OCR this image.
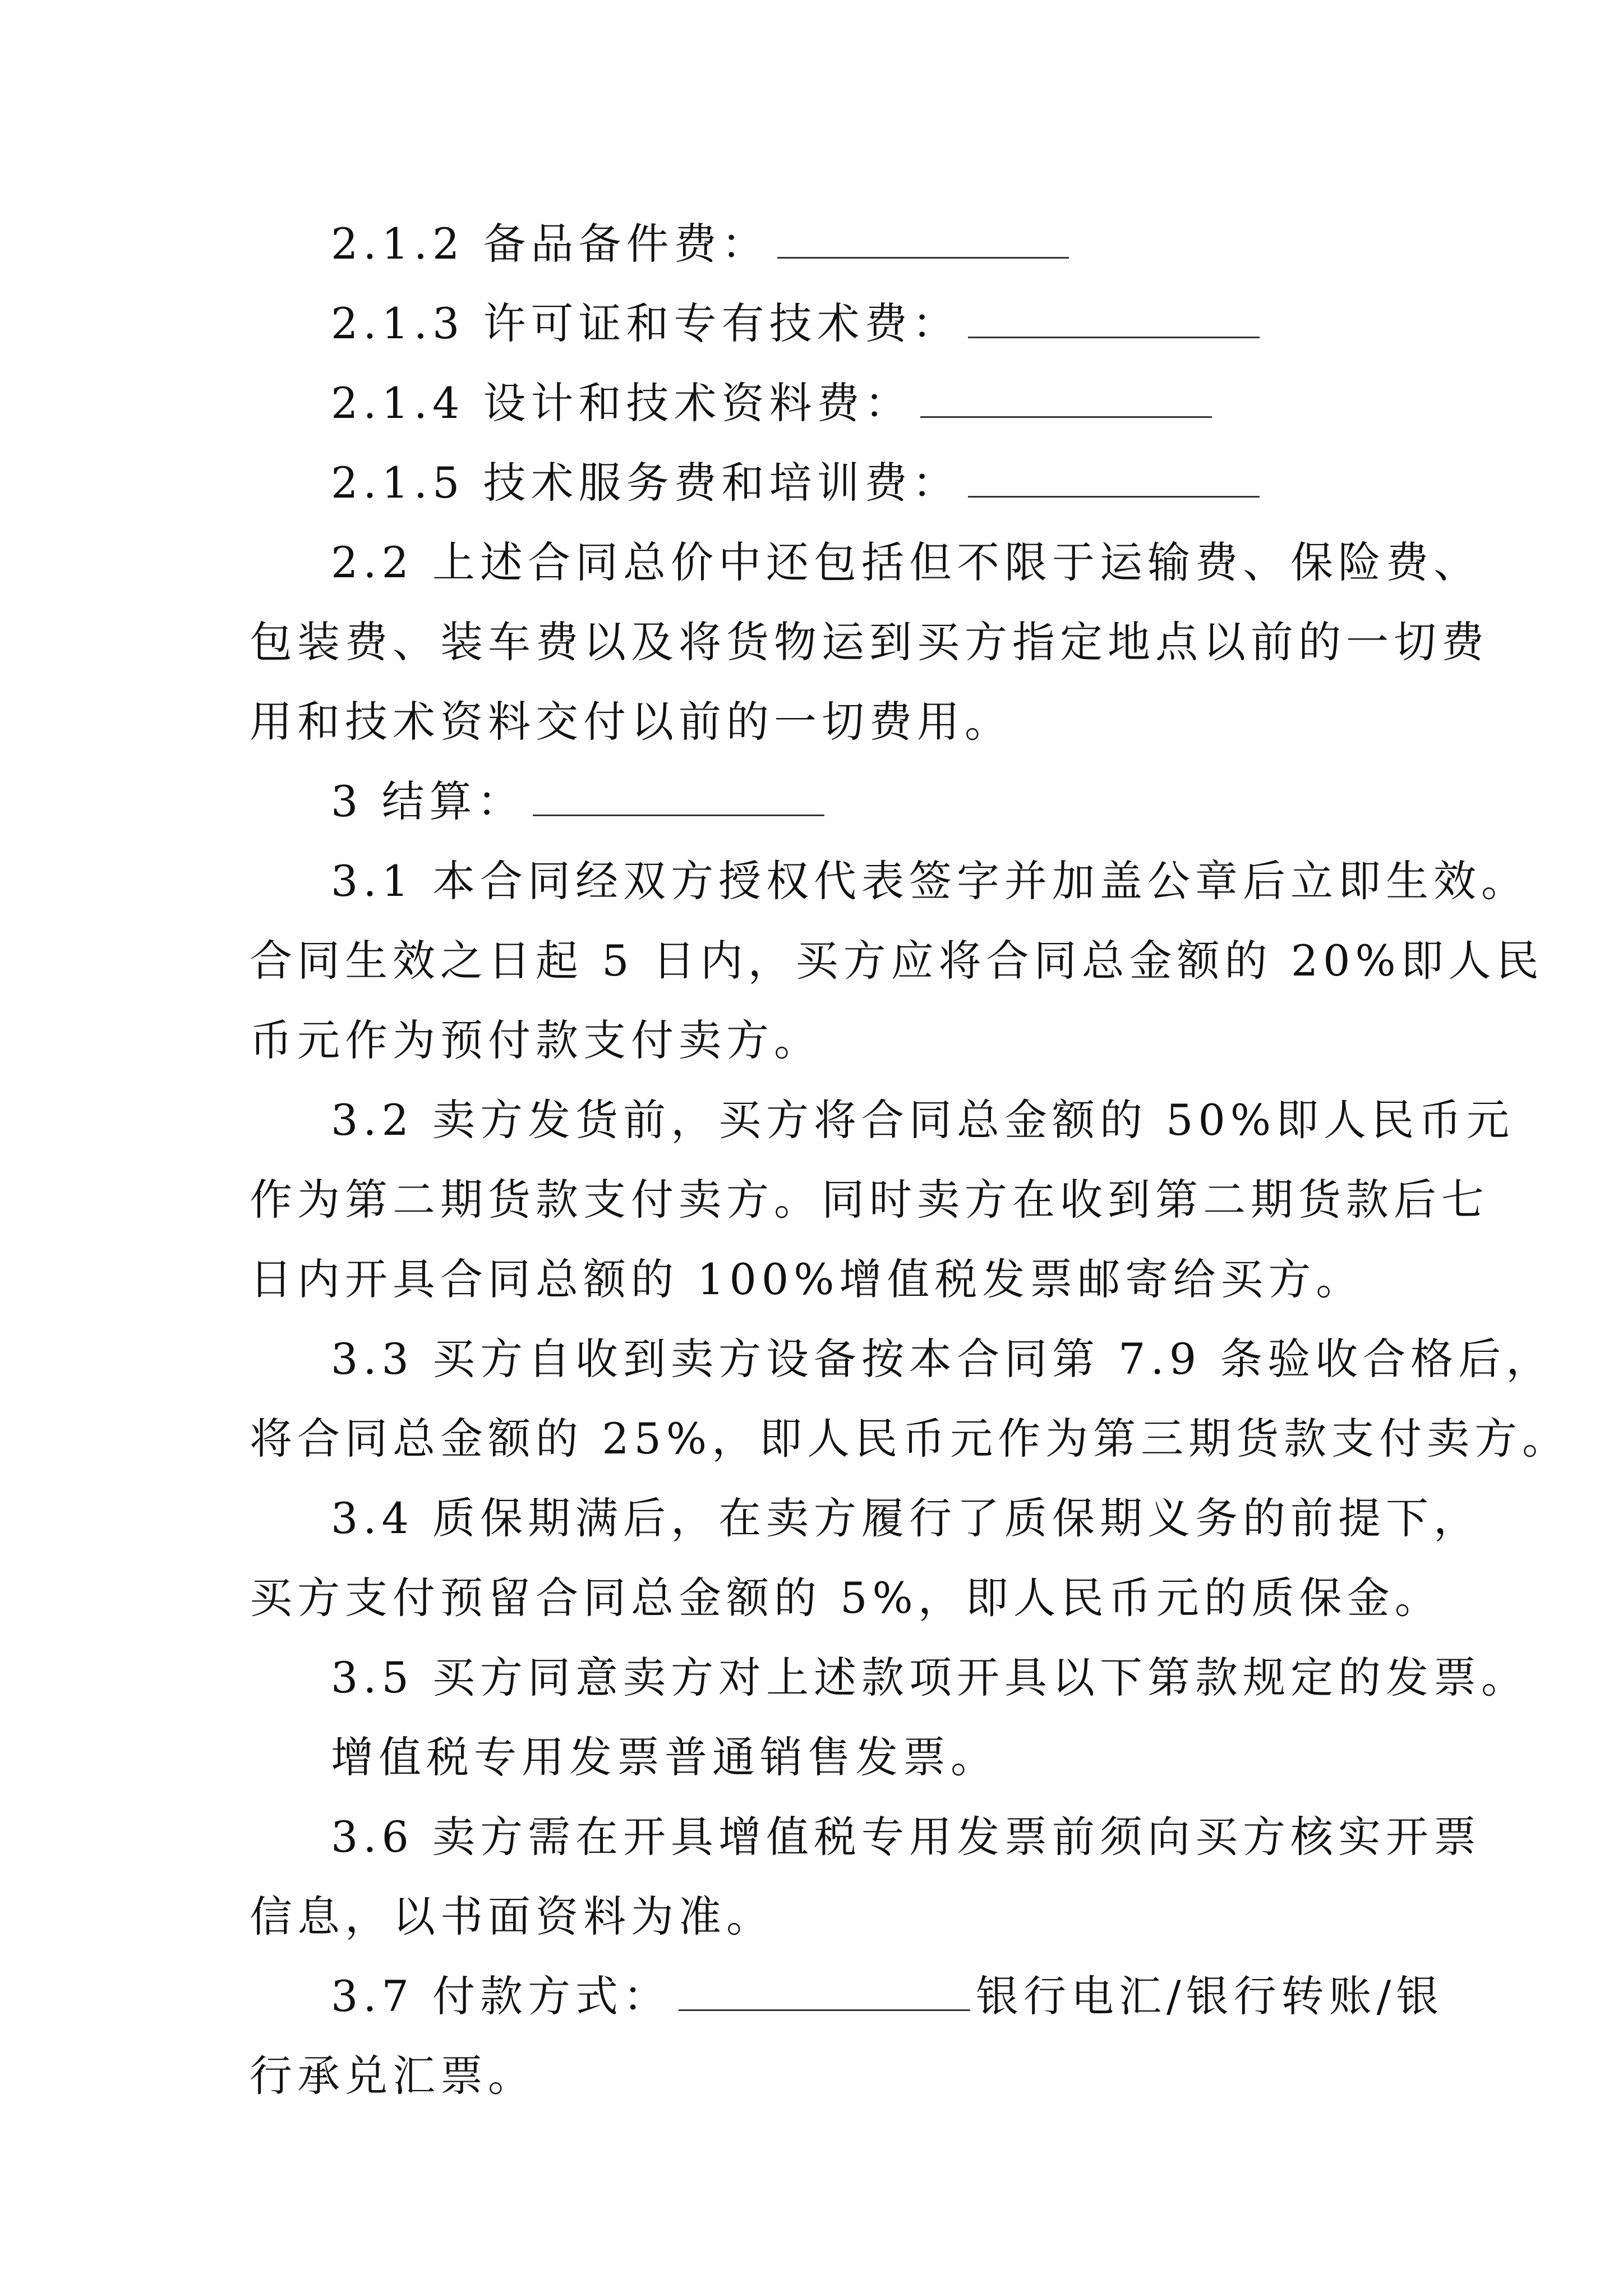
2.1.2 备品备件费：
2.1.3 许可证和专有技术费：
2.1.4 设计和技术资料费：
2.1.5 技术服务费和培训费：
2.2 上述合同总价中还包括但不限于运输费、保险费、
包装费、装车费以及将货物运到买方指定地点以前的一切费
用和技术资料交付以前的一切费用。
3 结算：
3.1 本合同经双方授权代表签字并加盖公章后立即生效。
合同生效之日起 5 日内，买方应将合同总金额的 20%即人民
币元作为预付款支付卖方。
3.2 卖方发货前，买方将合同总金额的 50%即人民币元
作为第二期货款支付卖方。同时卖方在收到第二期货款后七
日内开具合同总额的 100%增值税发票邮寄给买方。
3.3 买方自收到卖方设备按本合同第 7.9 条验收合格后，
将合同总金额的 25%，即人民币元作为第三期货款支付卖方。
3.4 质保期满后，在卖方履行了质保期义务的前提下，
买方支付预留合同总金额的 5%，即人民币元的质保金。
3.5 买方同意卖方对上述款项开具以下第款规定的发票。
增值税专用发票普通销售发票。
3.6 卖方需在开具增值税专用发票前须向买方核实开票
信息，以书面资料为准。
3.7 付款方式：	银行电汇/银行转账/银
行承兑汇票。
